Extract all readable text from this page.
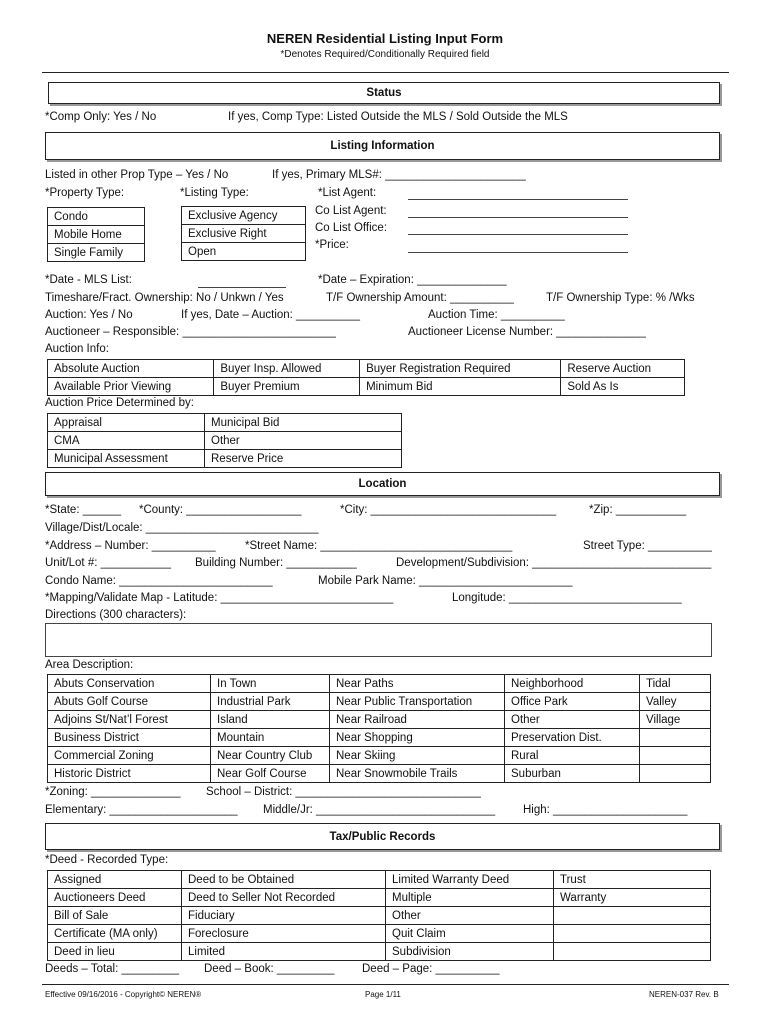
NEREN Residential Listing Input Form
*Denotes Required/Conditionally Required field
Status
*Comp Only: Yes / No	If yes, Comp Type: Listed Outside the MLS / Sold Outside the MLS
Listing Information
Listed in other Prop Type – Yes / No	If yes, Primary MLS#: ______________________
*Property Type:	*Listing Type:	*List Agent:
Co List Agent:
Co List Office:
*Price:
Condo
Mobile Home
Single Family
Exclusive Agency
Exclusive Right
Open
*Date - MLS List:	*Date – Expiration: ______________
Timeshare/Fract. Ownership: No / Unkwn / Yes	T/F Ownership Amount: __________	T/F Ownership Type: % /Wks
Auction: Yes / No	If yes, Date – Auction: __________	Auction Time: __________
Auctioneer – Responsible: ________________________	Auctioneer License Number: ______________
Auction Info:
Absolute Auction	Buyer Insp. Allowed	Buyer Registration Required	Reserve Auction
Available Prior Viewing	Buyer Premium	Minimum Bid	Sold As Is
Auction Price Determined by:
Appraisal	Municipal Bid
CMA	Other
Municipal Assessment	Reserve Price
Location
*State: ______ *County: __________________	*City: _____________________________	*Zip: ___________
Village/Dist/Locale: ___________________________
*Address – Number: __________	*Street Name: ______________________________	Street Type: __________
Unit/Lot #: ___________ Building Number: ___________	Development/Subdivision: ____________________________
Condo Name: ________________________	Mobile Park Name: ________________________
*Mapping/Validate Map - Latitude: ___________________________	Longitude: ___________________________
Directions (300 characters):
Area Description:
Abuts Conservation	In Town	Near Paths	Neighborhood	Tidal
Abuts Golf Course	Industrial Park	Near Public Transportation	Office Park	Valley
Adjoins St/Nat’l Forest	Island	Near Railroad	Other	Village
Business District	Mountain	Near Shopping	Preservation Dist.	
Commercial Zoning	Near Country Club	Near Skiing	Rural	
Historic District	Near Golf Course	Near Snowmobile Trails	Suburban	
*Zoning: ______________ School – District: _____________________________
Elementary: ____________________ Middle/Jr: ____________________________ High: _____________________
Tax/Public Records
*Deed - Recorded Type:
Assigned	Deed to be Obtained	Limited Warranty Deed	Trust
Auctioneers Deed	Deed to Seller Not Recorded	Multiple	Warranty
Bill of Sale	Fiduciary	Other	
Certificate (MA only)	Foreclosure	Quit Claim	
Deed in lieu	Limited	Subdivision	
Deeds – Total: _________ Deed – Book: _________ Deed – Page: __________
Effective 09/16/2016 - Copyright© NEREN®	Page 1/11	NEREN-037 Rev. B
